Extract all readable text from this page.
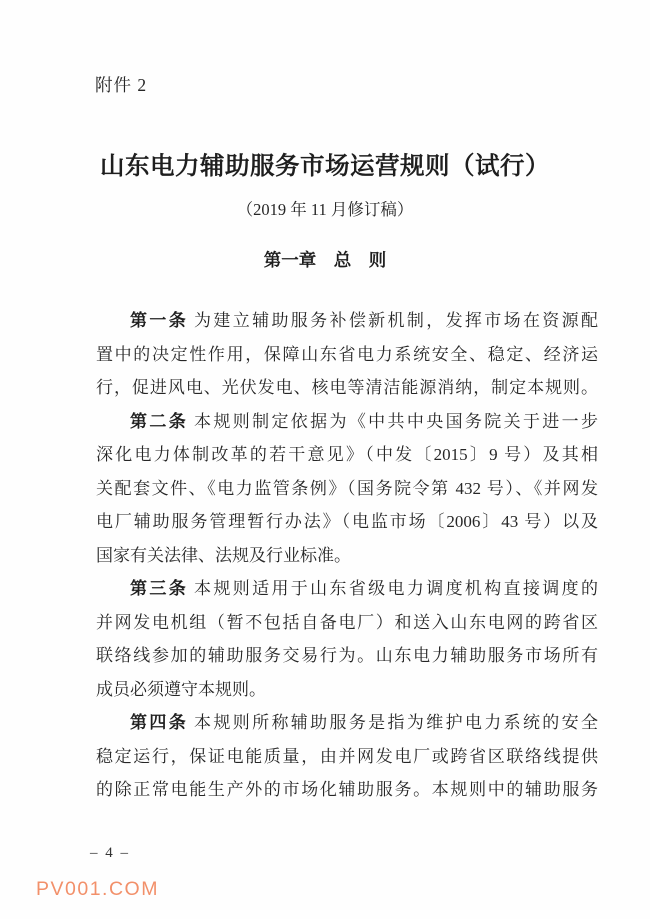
附件 2
山东电力辅助服务市场运营规则（试行）
（2019 年 11 月修订稿）
第一章　总　则
第一条 为建立辅助服务补偿新机制，发挥市场在资源配
置中的决定性作用，保障山东省电力系统安全、稳定、经济运
行，促进风电、光伏发电、核电等清洁能源消纳，制定本规则。
第二条 本规则制定依据为《中共中央国务院关于进一步
深化电力体制改革的若干意见》（中发〔2015〕9 号）及其相
关配套文件、《电力监管条例》（国务院令第 432 号）、《并网发
电厂辅助服务管理暂行办法》（电监市场〔2006〕43 号）以及
国家有关法律、法规及行业标准。
第三条 本规则适用于山东省级电力调度机构直接调度的
并网发电机组（暂不包括自备电厂）和送入山东电网的跨省区
联络线参加的辅助服务交易行为。山东电力辅助服务市场所有
成员必须遵守本规则。
第四条 本规则所称辅助服务是指为维护电力系统的安全
稳定运行，保证电能质量，由并网发电厂或跨省区联络线提供
的除正常电能生产外的市场化辅助服务。本规则中的辅助服务
– 4 –
PV001.COM
